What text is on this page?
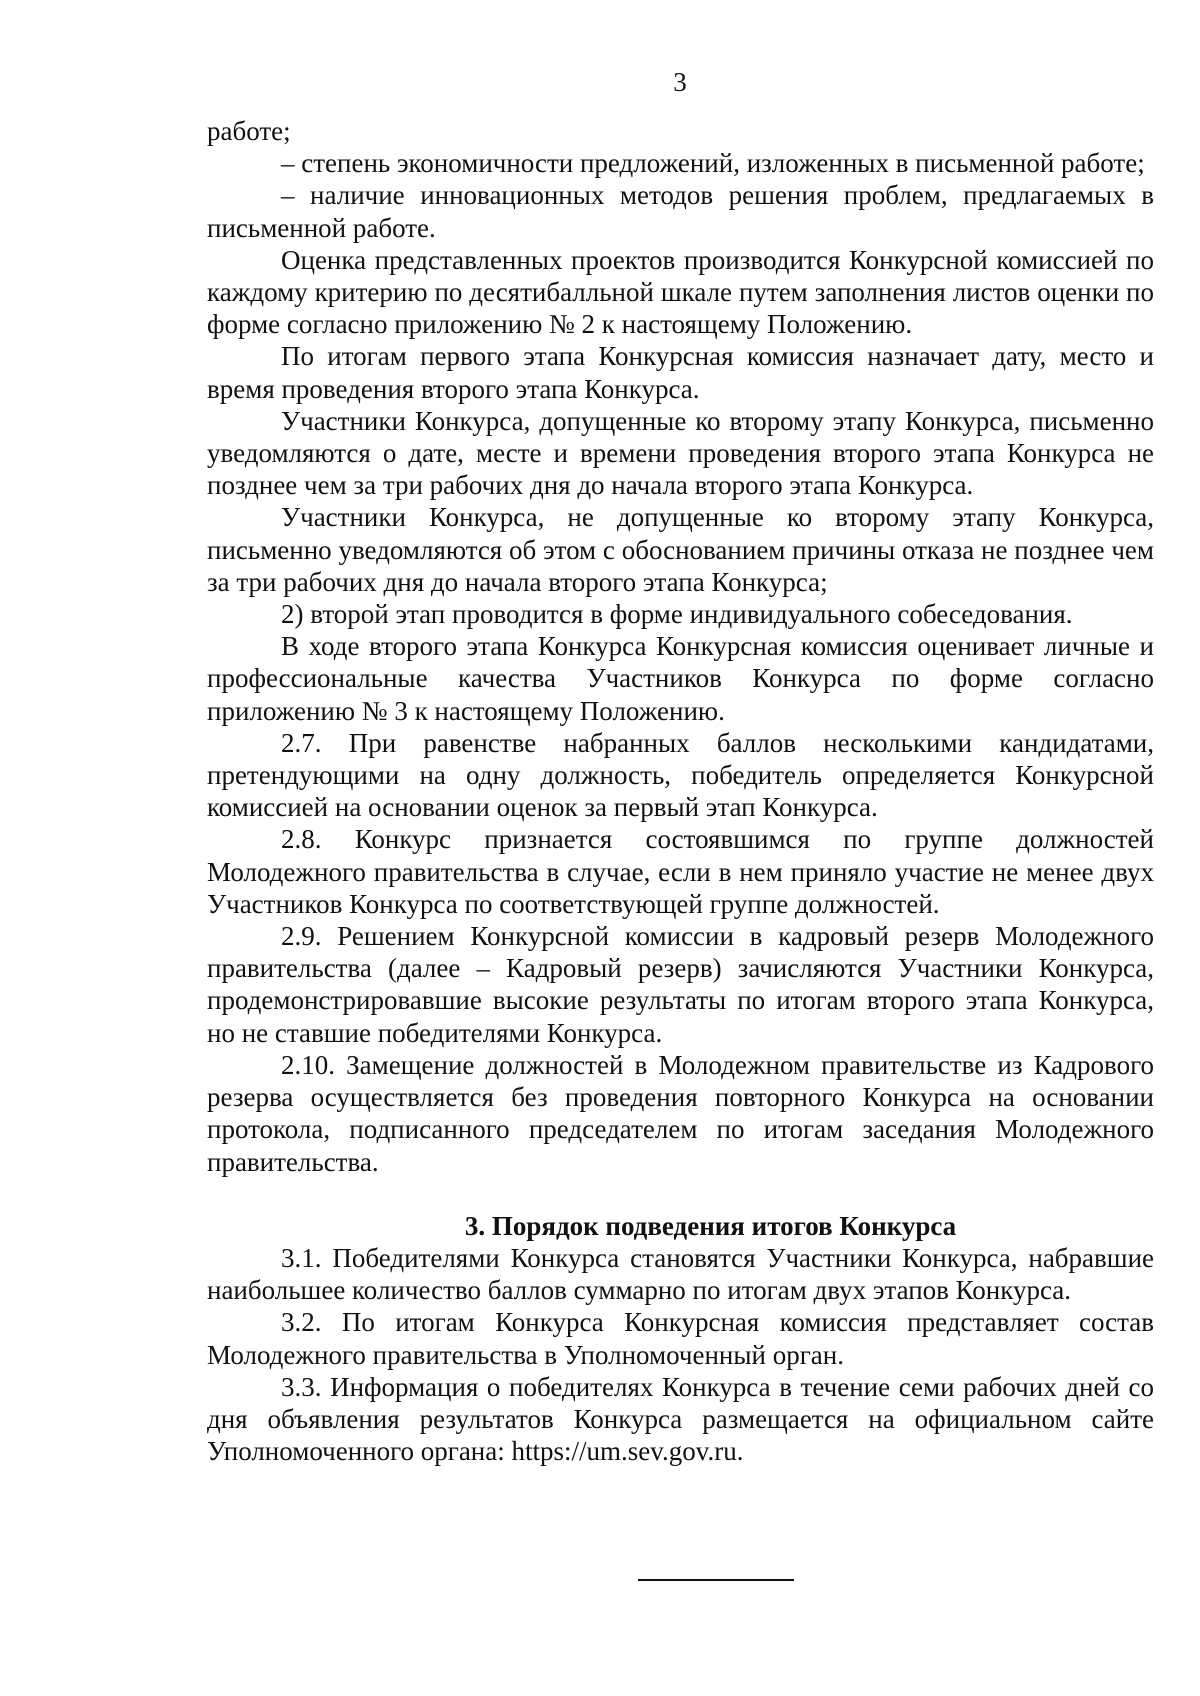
3

работе;

– степень экономичности предложений, изложенных в письменной работе;

– наличие инновационных методов решения проблем, предлагаемых в письменной работе.

Оценка представленных проектов производится Конкурсной комиссией по каждому критерию по десятибалльной шкале путем заполнения листов оценки по форме согласно приложению № 2 к настоящему Положению.

По итогам первого этапа Конкурсная комиссия назначает дату, место и время проведения второго этапа Конкурса.

Участники Конкурса, допущенные ко второму этапу Конкурса, письменно уведомляются о дате, месте и времени проведения второго этапа Конкурса не позднее чем за три рабочих дня до начала второго этапа Конкурса.

Участники Конкурса, не допущенные ко второму этапу Конкурса, письменно уведомляются об этом с обоснованием причины отказа не позднее чем за три рабочих дня до начала второго этапа Конкурса;

2) второй этап проводится в форме индивидуального собеседования.

В ходе второго этапа Конкурса Конкурсная комиссия оценивает личные и профессиональные качества Участников Конкурса по форме согласно приложению № 3 к настоящему Положению.

2.7. При равенстве набранных баллов несколькими кандидатами, претендующими на одну должность, победитель определяется Конкурсной комиссией на основании оценок за первый этап Конкурса.

2.8. Конкурс признается состоявшимся по группе должностей Молодежного правительства в случае, если в нем приняло участие не менее двух Участников Конкурса по соответствующей группе должностей.

2.9. Решением Конкурсной комиссии в кадровый резерв Молодежного правительства (далее – Кадровый резерв) зачисляются Участники Конкурса, продемонстрировавшие высокие результаты по итогам второго этапа Конкурса, но не ставшие победителями Конкурса.

2.10. Замещение должностей в Молодежном правительстве из Кадрового резерва осуществляется без проведения повторного Конкурса на основании протокола, подписанного председателем по итогам заседания Молодежного правительства.

3. Порядок подведения итогов Конкурса

3.1. Победителями Конкурса становятся Участники Конкурса, набравшие наибольшее количество баллов суммарно по итогам двух этапов Конкурса.

3.2. По итогам Конкурса Конкурсная комиссия представляет состав Молодежного правительства в Уполномоченный орган.

3.3. Информация о победителях Конкурса в течение семи рабочих дней со дня объявления результатов Конкурса размещается на официальном сайте Уполномоченного органа: https://um.sev.gov.ru.
